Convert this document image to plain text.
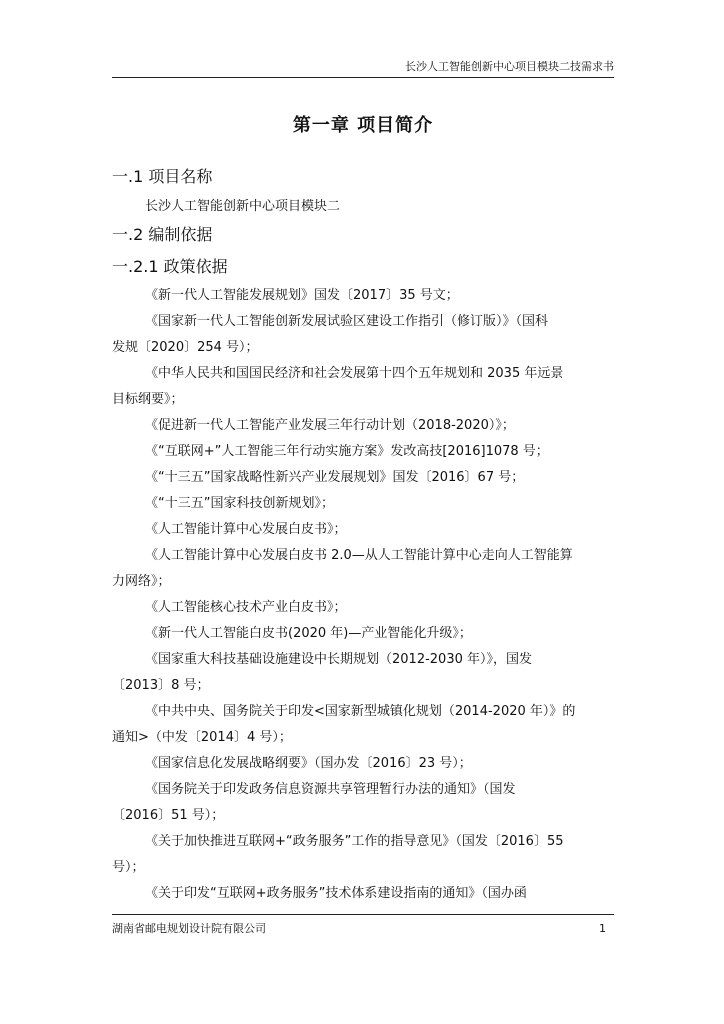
长沙人工智能创新中心项目模块二技需求书
第一章 项目简介
一.1 项目名称
长沙人工智能创新中心项目模块二
一.2 编制依据
一.2.1 政策依据
《新一代人工智能发展规划》国发〔2017〕35 号文；
《国家新一代人工智能创新发展试验区建设工作指引（修订版）》（国科
发规〔2020〕254 号）；
《中华人民共和国国民经济和社会发展第十四个五年规划和 2035 年远景
目标纲要》；
《促进新一代人工智能产业发展三年行动计划（2018-2020）》；
《“互联网+”人工智能三年行动实施方案》发改高技[2016]1078 号；
《“十三五”国家战略性新兴产业发展规划》国发〔2016〕67 号；
《“十三五”国家科技创新规划》；
《人工智能计算中心发展白皮书》；
《人工智能计算中心发展白皮书 2.0—从人工智能计算中心走向人工智能算
力网络》；
《人工智能核心技术产业白皮书》；
《新一代人工智能白皮书(2020 年)—产业智能化升级》；
《国家重大科技基础设施建设中长期规划（2012-2030 年）》，国发
〔2013〕8 号；
《中共中央、国务院关于印发<国家新型城镇化规划（2014-2020 年）》的
通知>（中发〔2014〕4 号）；
《国家信息化发展战略纲要》（国办发〔2016〕23 号）；
《国务院关于印发政务信息资源共享管理暂行办法的通知》（国发
〔2016〕51 号）；
《关于加快推进互联网+“政务服务”工作的指导意见》（国发〔2016〕55
号）；
《关于印发“互联网+政务服务”技术体系建设指南的通知》（国办函
湖南省邮电规划设计院有限公司	1
